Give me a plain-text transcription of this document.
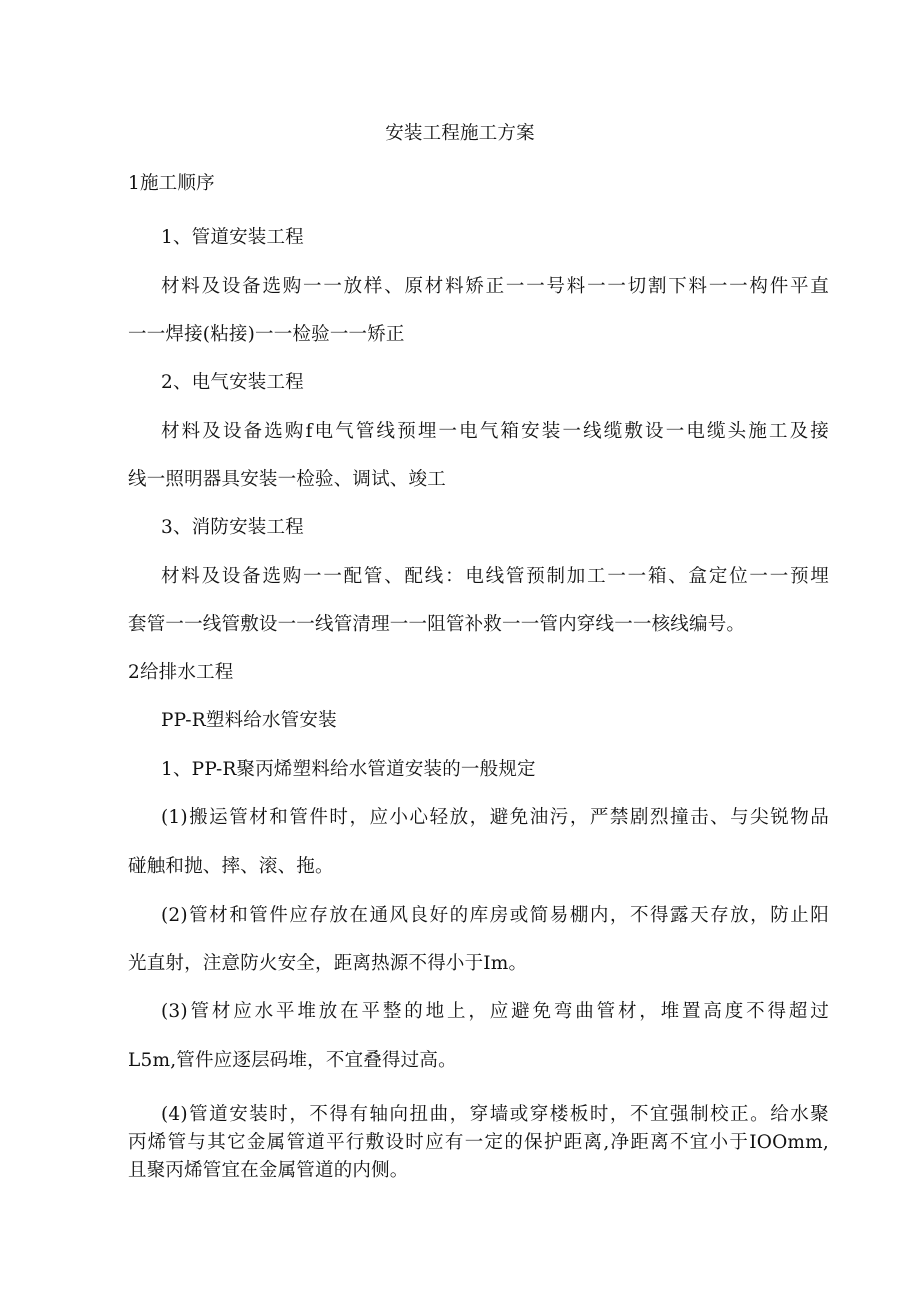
安装工程施工方案
1施工顺序
1、管道安装工程
材料及设备选购一一放样、原材料矫正一一号料一一切割下料一一构件平直
一一焊接(粘接)一一检验一一矫正
2、电气安装工程
材料及设备选购f电气管线预埋一电气箱安装一线缆敷设一电缆头施工及接
线一照明器具安装一检验、调试、竣工
3、消防安装工程
材料及设备选购一一配管、配线：电线管预制加工一一箱、盒定位一一预埋
套管一一线管敷设一一线管清理一一阻管补救一一管内穿线一一核线编号。
2给排水工程
PP-R塑料给水管安装
1、PP-R聚丙烯塑料给水管道安装的一般规定
(1)搬运管材和管件时，应小心轻放，避免油污，严禁剧烈撞击、与尖锐物品
碰触和抛、摔、滚、拖。
(2)管材和管件应存放在通风良好的库房或简易棚内，不得露天存放，防止阳
光直射，注意防火安全，距离热源不得小于Im。
(3)管材应水平堆放在平整的地上，应避免弯曲管材，堆置高度不得超过
L5m,管件应逐层码堆，不宜叠得过高。
(4)管道安装时，不得有轴向扭曲，穿墙或穿楼板时，不宜强制校正。给水聚
丙烯管与其它金属管道平行敷设时应有一定的保护距离,净距离不宜小于IOOmm,
且聚丙烯管宜在金属管道的内侧。
